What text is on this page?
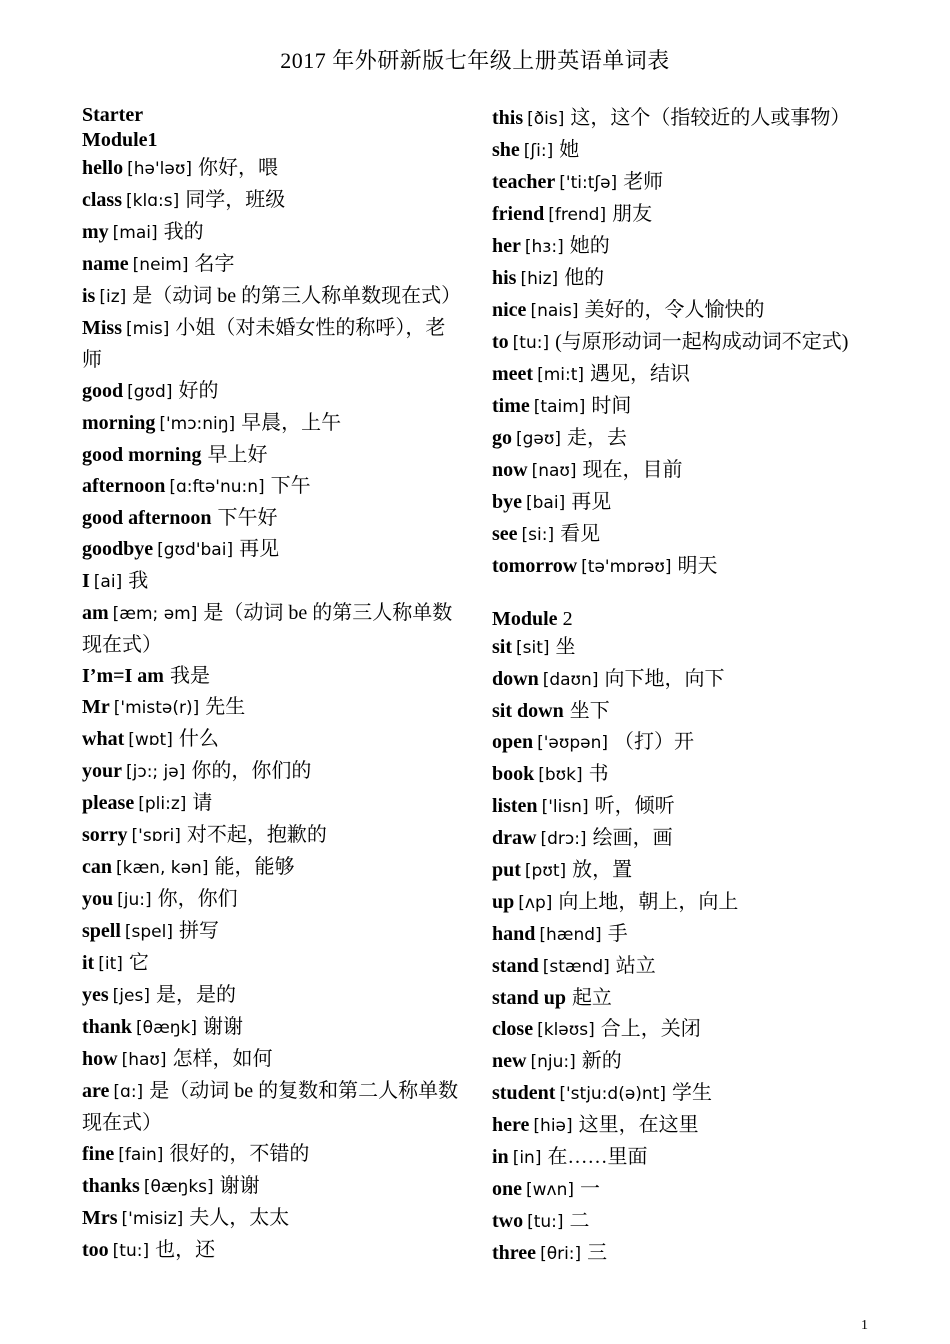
2017 年外研新版七年级上册英语单词表
Starter
Module1
hello [hə'ləʊ] 你好，喂
class [klɑ:s] 同学，班级
my [mai] 我的
name [neim] 名字
is [iz] 是（动词 be 的第三人称单数现在式）
Miss [mis] 小姐（对未婚女性的称呼），老师
good [gʊd] 好的
morning ['mɔ:niŋ] 早晨，上午
good morning 早上好
afternoon [ɑ:ftə'nu:n] 下午
good afternoon 下午好
goodbye [gʊd'bai] 再见
I [ai] 我
am [æm; əm] 是（动词 be 的第三人称单数现在式）
I’m=I am 我是
Mr ['mistə(r)] 先生
what [wɒt] 什么
your [jɔ:; jə] 你的，你们的
please [pli:z] 请
sorry ['sɒri] 对不起，抱歉的
can [kæn, kən] 能，能够
you [ju:] 你，你们
spell [spel] 拼写
it [it] 它
yes [jes] 是，是的
thank [θæŋk] 谢谢
how [haʊ] 怎样，如何
are [ɑ:] 是（动词 be 的复数和第二人称单数现在式）
fine [fain] 很好的，不错的
thanks [θæŋks] 谢谢
Mrs ['misiz] 夫人，太太
too [tu:] 也，还
this [ðis] 这，这个（指较近的人或事物）
she [ʃi:] 她
teacher ['ti:tʃə] 老师
friend [frend] 朋友
her [hɜ:] 她的
his [hiz] 他的
nice [nais] 美好的，令人愉快的
to [tu:] (与原形动词一起构成动词不定式)
meet [mi:t] 遇见，结识
time [taim] 时间
go [gəʊ] 走，去
now [naʊ] 现在，目前
bye [bai] 再见
see [si:] 看见
tomorrow [tə'mɒrəʊ] 明天
Module 2
sit [sit] 坐
down [daʊn] 向下地，向下
sit down 坐下
open ['əʊpən] （打）开
book [bʊk] 书
listen ['lisn] 听，倾听
draw [drɔ:] 绘画，画
put [pʊt] 放，置
up [ʌp] 向上地，朝上，向上
hand [hænd] 手
stand [stænd] 站立
stand up 起立
close [kləʊs] 合上，关闭
new [nju:] 新的
student ['stju:d(ə)nt] 学生
here [hiə] 这里，在这里
in [in] 在……里面
one [wʌn] 一
two [tu:] 二
three [θri:] 三
1
